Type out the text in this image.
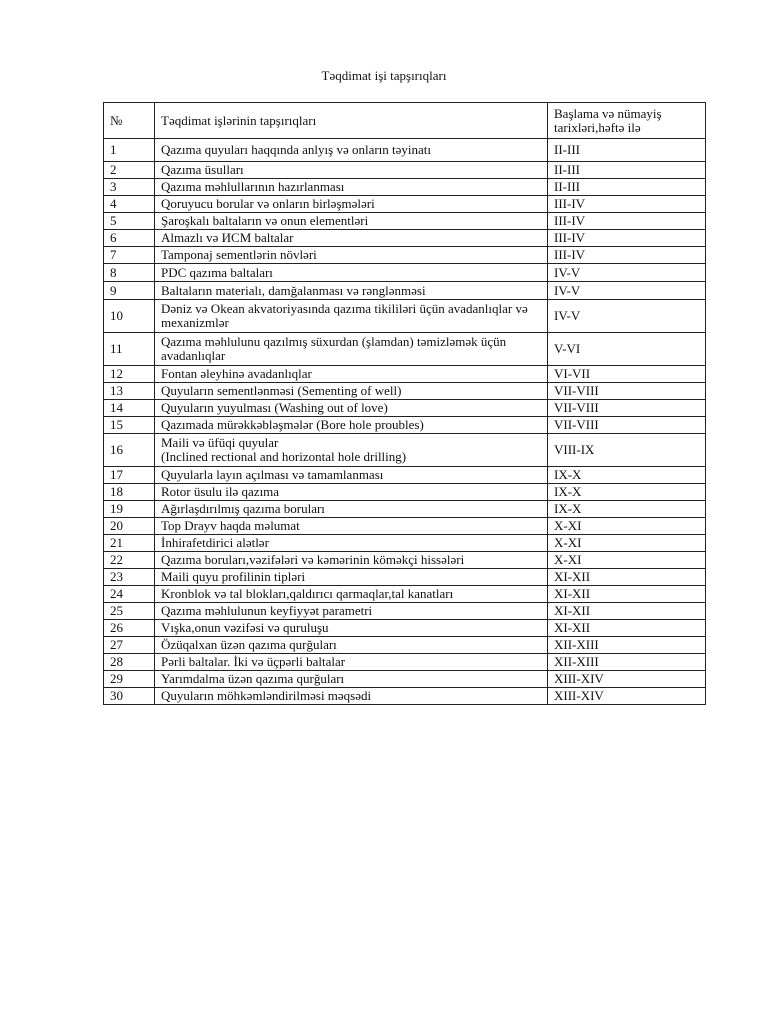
Təqdimat işi tapşırıqları
№	Təqdimat işlərinin tapşırıqları	Başlama və nümayiş tarixləri,həftə ilə
1	Qazıma quyuları haqqında anlyış və onların təyinatı	II-III
2	Qazıma üsulları	II-III
3	Qazıma məhlullarının hazırlanması	II-III
4	Qoruyucu borular və onların birləşmələri	III-IV
5	Şaroşkalı baltaların və onun elementləri	III-IV
6	Almazlı və ИСМ baltalar	III-IV
7	Tamponaj sementlərin növləri	III-IV
8	PDC qazıma baltaları	IV-V
9	Baltaların materialı, damğalanması və rənglənməsi	IV-V
10	Dəniz və Okean akvatoriyasında qazıma tikililəri üçün avadanlıqlar və mexanizmlər	IV-V
11	Qazıma məhlulunu qazılmış süxurdan (şlamdan) təmizləmək üçün avadanlıqlar	V-VI
12	Fontan əleyhinə avadanlıqlar	VI-VII
13	Quyuların sementlənməsi (Sementing of well)	VII-VIII
14	Quyuların yuyulması (Washing out of love)	VII-VIII
15	Qazımada mürəkkəbləşmələr (Bore hole proubles)	VII-VIII
16	Maili və üfüqi quyular
(Inclined rectional and horizontal hole drilling)	VIII-IX
17	Quyularla layın açılması və tamamlanması	IX-X
18	Rotor üsulu ilə qazıma	IX-X
19	Ağırlaşdırılmış qazıma boruları	IX-X
20	Top Drayv haqda məlumat	X-XI
21	İnhirafetdirici alətlər	X-XI
22	Qazıma boruları,vəzifələri və kəmərinin köməkçi hissələri	X-XI
23	Maili quyu profilinin tipləri	XI-XII
24	Kronblok və tal blokları,qaldırıcı qarmaqlar,tal kanatları	XI-XII
25	Qazıma məhlulunun keyfiyyət parametri	XI-XII
26	Vışka,onun vəzifəsi və quruluşu	XI-XII
27	Özüqalxan üzən qazıma qurğuları	XII-XIII
28	Pərli baltalar. İki və üçpərli baltalar	XII-XIII
29	Yarımdalma üzən qazıma qurğuları	XIII-XIV
30	Quyuların möhkəmləndirilməsi məqsədi	XIII-XIV
